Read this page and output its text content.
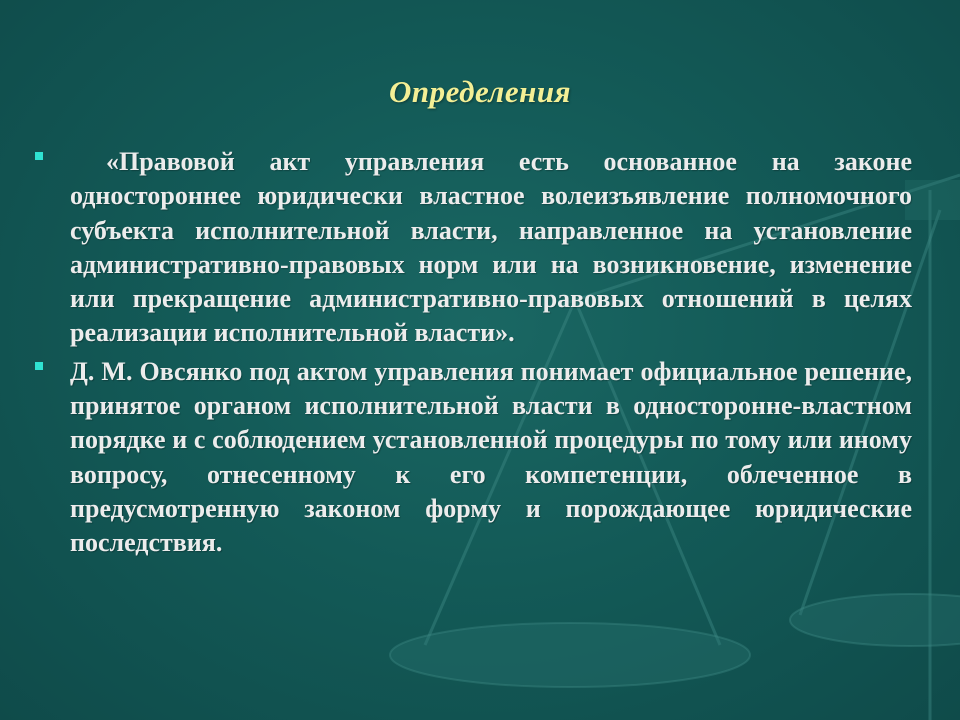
Определения

«Правовой акт управления есть основанное на законе одностороннее юридически властное волеизъявление полномочного субъекта исполнительной власти, направленное на установление административно-правовых норм или на возникновение, изменение или прекращение административно-правовых отношений в целях реализации исполнительной власти».

Д. М. Овсянко под актом управления понимает официальное решение, принятое органом исполнительной власти в односторонне-властном порядке и с соблюдением установленной процедуры по тому или иному вопросу, отнесенному к его компетенции, облеченное в предусмотренную законом форму и порождающее юридические последствия.
